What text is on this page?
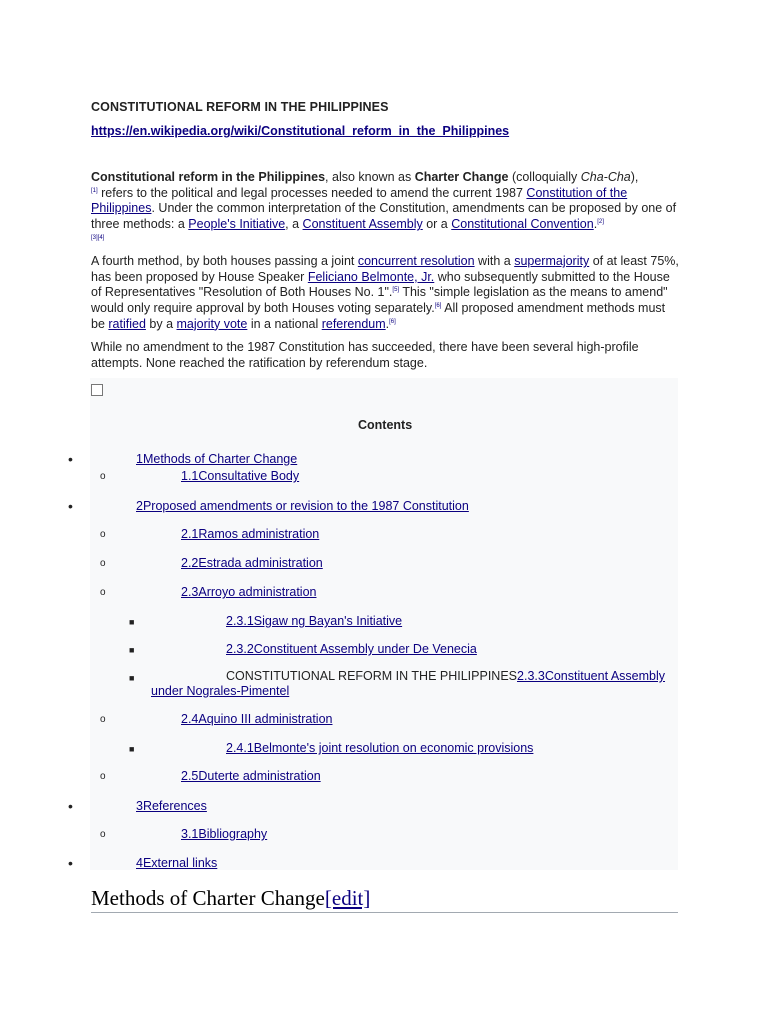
CONSTITUTIONAL REFORM IN THE PHILIPPINES
https://en.wikipedia.org/wiki/Constitutional_reform_in_the_Philippines
Constitutional reform in the Philippines, also known as Charter Change (colloquially Cha-Cha),
[1] refers to the political and legal processes needed to amend the current 1987 Constitution of the Philippines. Under the common interpretation of the Constitution, amendments can be proposed by one of three methods: a People's Initiative, a Constituent Assembly or a Constitutional Convention.[2]
[3][4]
A fourth method, by both houses passing a joint concurrent resolution with a supermajority of at least 75%, has been proposed by House Speaker Feliciano Belmonte, Jr. who subsequently submitted to the House of Representatives "Resolution of Both Houses No. 1".[5] This "simple legislation as the means to amend" would only require approval by both Houses voting separately.[6] All proposed amendment methods must be ratified by a majority vote in a national referendum.[6]
While no amendment to the 1987 Constitution has succeeded, there have been several high-profile attempts. None reached the ratification by referendum stage.
Contents
•
o
•
o
o
o
■
■
■
o
■
o
•
o
•
1Methods of Charter Change
1.1Consultative Body
2Proposed amendments or revision to the 1987 Constitution
2.1Ramos administration
2.2Estrada administration
2.3Arroyo administration
2.3.1Sigaw ng Bayan's Initiative
2.3.2Constituent Assembly under De Venecia
CONSTITUTIONAL REFORM IN THE PHILIPPINES2.3.3Constituent Assembly under Nograles-Pimentel
2.4Aquino III administration
2.4.1Belmonte's joint resolution on economic provisions
2.5Duterte administration
3References
3.1Bibliography
4External links
Methods of Charter Change[edit]
